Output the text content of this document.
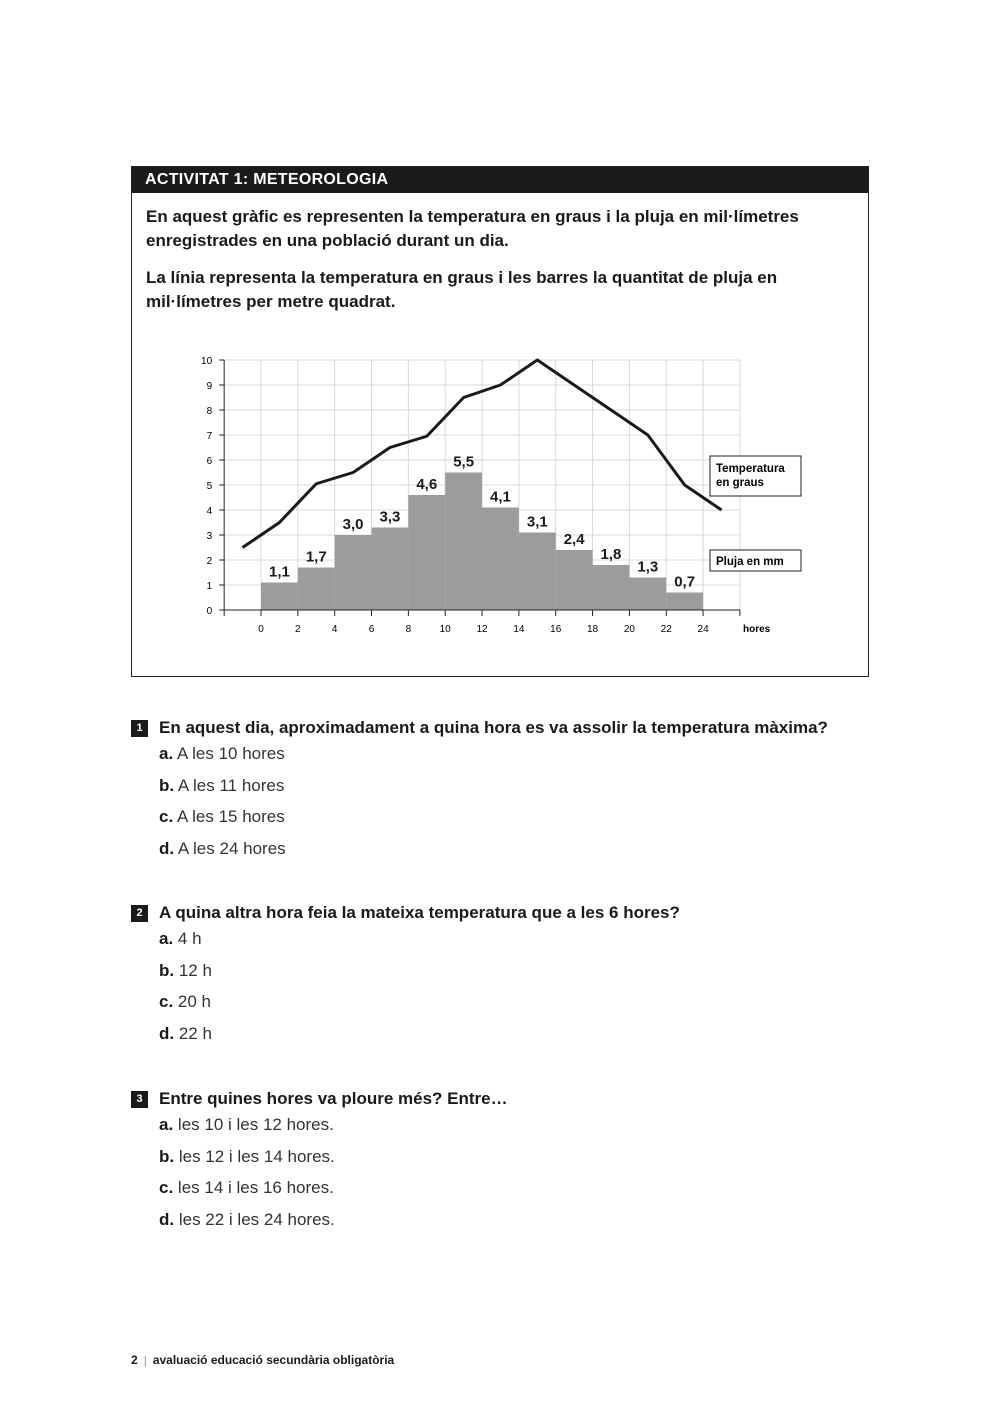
ACTIVITAT 1: METEOROLOGIA

En aquest gràfic es representen la temperatura en graus i la pluja en mil·límetres enregistrades en una població durant un dia.

La línia representa la temperatura en graus i les barres la quantitat de pluja en mil·límetres per metre quadrat.

1,1
1,7
3,0 3,3
4,6
5,5
4,1
3,1
2,4
1,8
1,3
0,7
0
1
2
3
4
5
6
7
8
9
10
0	2	4	6	8	10	12	14	16	18	20	22	24	hores
Temperatura
en graus
Pluja en mm
1 En aquest dia, aproximadament a quina hora es va assolir la temperatura màxima?
a. A les 10 hores
b. A les 11 hores
c. A les 15 hores
d. A les 24 hores
2 A quina altra hora feia la mateixa temperatura que a les 6 hores?
a. 4 h
b. 12 h
c. 20 h
d. 22 h
3 Entre quines hores va ploure més? Entre…
a. les 10 i les 12 hores.
b. les 12 i les 14 hores.
c. les 14 i les 16 hores.
d. les 22 i les 24 hores.
2 | avaluació educació secundària obligatòria
